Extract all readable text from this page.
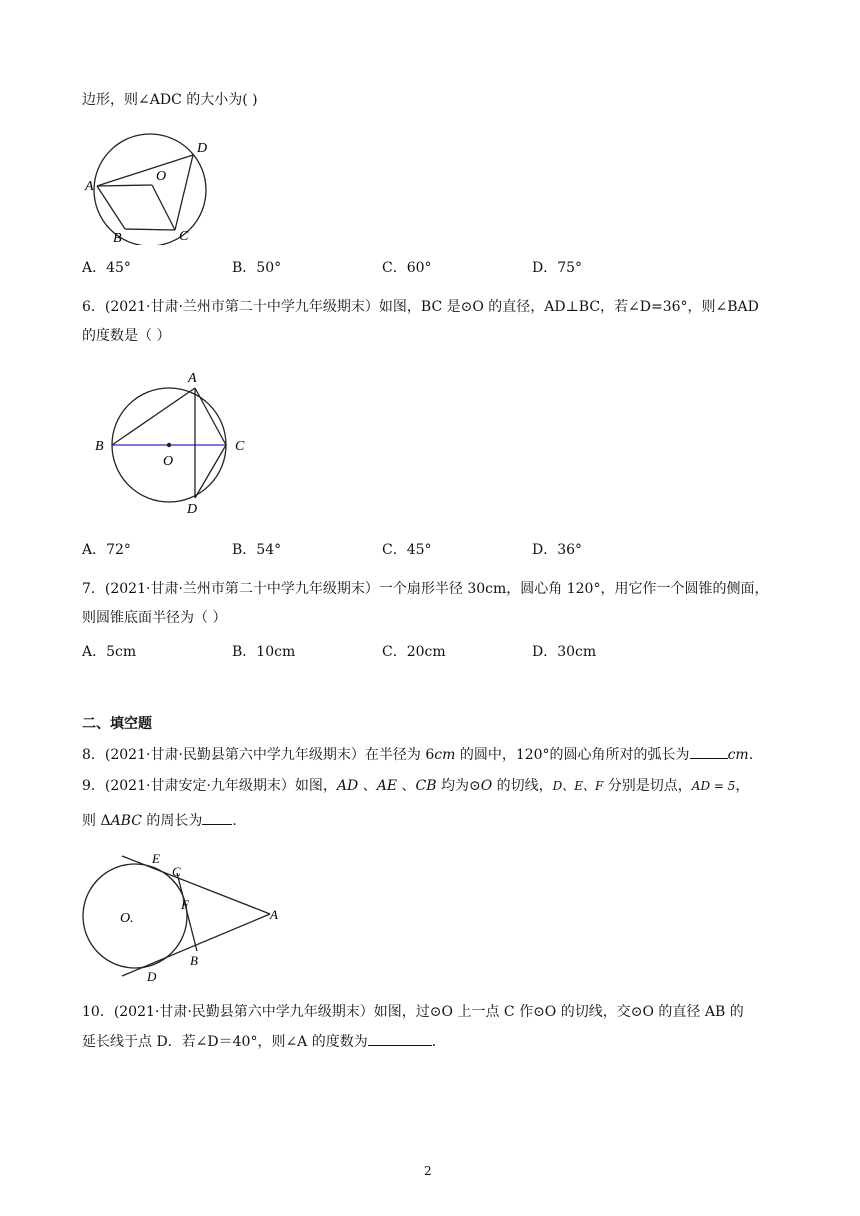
边形，则∠ADC 的大小为( )
A
D
O
B	C
A．45°	B．50°	C．60°	D．75°
6．(2021·甘肃·兰州市第二十中学九年级期末）如图，BC 是⊙O 的直径，AD⊥BC，若∠D=36°，则∠BAD
的度数是（ ）
A
B	C
O
D
A．72°	B．54°	C．45°	D．36°
7．(2021·甘肃·兰州市第二十中学九年级期末）一个扇形半径 30cm，圆心角 120°，用它作一个圆锥的侧面，
则圆锥底面半径为（ ）
A．5cm	B．10cm	C．20cm	D．30cm
二、填空题
8．(2021·甘肃·民勤县第六中学九年级期末）在半径为 6cm 的圆中，120°的圆心角所对的弧长为	cm.
9．(2021·甘肃安定·九年级期末）如图，AD 、AE 、CB 均为⊙O 的切线，D、E、F 分别是切点，AD = 5，
则 ΔABC 的周长为 .
E
C
F
O.	A
B
D
10．(2021·甘肃·民勤县第六中学九年级期末）如图，过⊙O 上一点 C 作⊙O 的切线，交⊙O 的直径 AB 的
延长线于点 D．若∠D＝40°，则∠A 的度数为	.
2
